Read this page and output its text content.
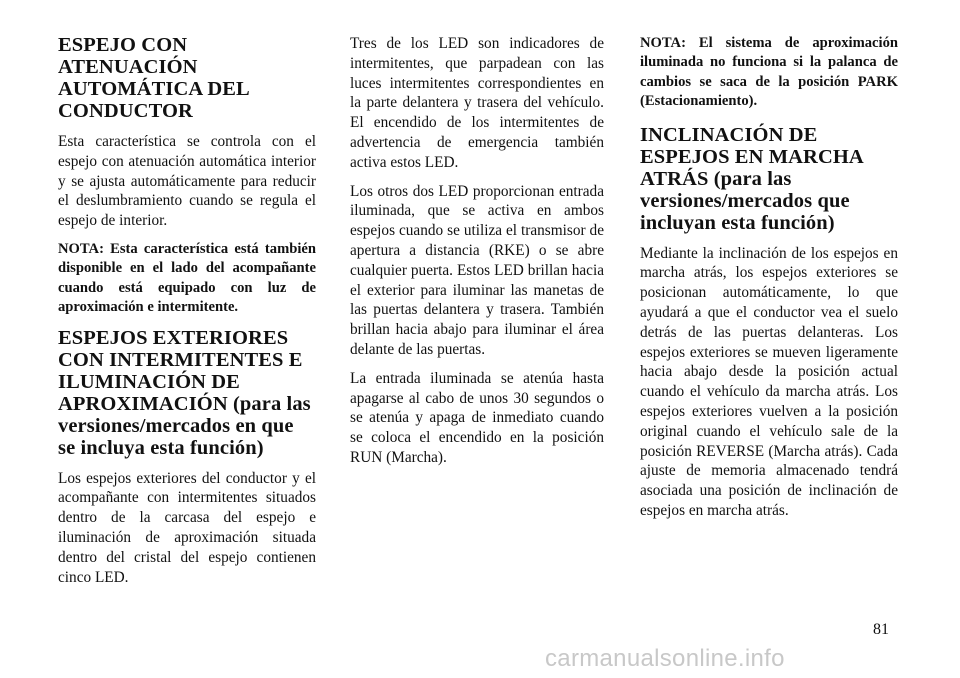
ESPEJO CON ATENUACIÓN AUTOMÁTICA DEL CONDUCTOR

Esta característica se controla con el espejo con atenuación automática interior y se ajusta automáticamente para reducir el deslumbramiento cuando se regula el espejo de interior.

NOTA: Esta característica está también disponible en el lado del acompañante cuando está equipado con luz de aproximación e intermitente.

ESPEJOS EXTERIORES CON INTERMITENTES E ILUMINACIÓN DE APROXIMACIÓN (para las versiones/mercados en que se incluya esta función)

Los espejos exteriores del conductor y el acompañante con intermitentes situados dentro de la carcasa del espejo e iluminación de aproximación situada dentro del cristal del espejo contienen cinco LED.

Tres de los LED son indicadores de intermitentes, que parpadean con las luces intermitentes correspondientes en la parte delantera y trasera del vehículo. El encendido de los intermitentes de advertencia de emergencia también activa estos LED.

Los otros dos LED proporcionan entrada iluminada, que se activa en ambos espejos cuando se utiliza el transmisor de apertura a distancia (RKE) o se abre cualquier puerta. Estos LED brillan hacia el exterior para iluminar las manetas de las puertas delantera y trasera. También brillan hacia abajo para iluminar el área delante de las puertas.

La entrada iluminada se atenúa hasta apagarse al cabo de unos 30 segundos o se atenúa y apaga de inmediato cuando se coloca el encendido en la posición RUN (Marcha).

NOTA: El sistema de aproximación iluminada no funciona si la palanca de cambios se saca de la posición PARK (Estacionamiento).

INCLINACIÓN DE ESPEJOS EN MARCHA ATRÁS (para las versiones/mercados que incluyan esta función)

Mediante la inclinación de los espejos en marcha atrás, los espejos exteriores se posicionan automáticamente, lo que ayudará a que el conductor vea el suelo detrás de las puertas delanteras. Los espejos exteriores se mueven ligeramente hacia abajo desde la posición actual cuando el vehículo da marcha atrás. Los espejos exteriores vuelven a la posición original cuando el vehículo sale de la posición REVERSE (Marcha atrás). Cada ajuste de memoria almacenado tendrá asociada una posición de inclinación de espejos en marcha atrás.

81
carmanualsonline.info
